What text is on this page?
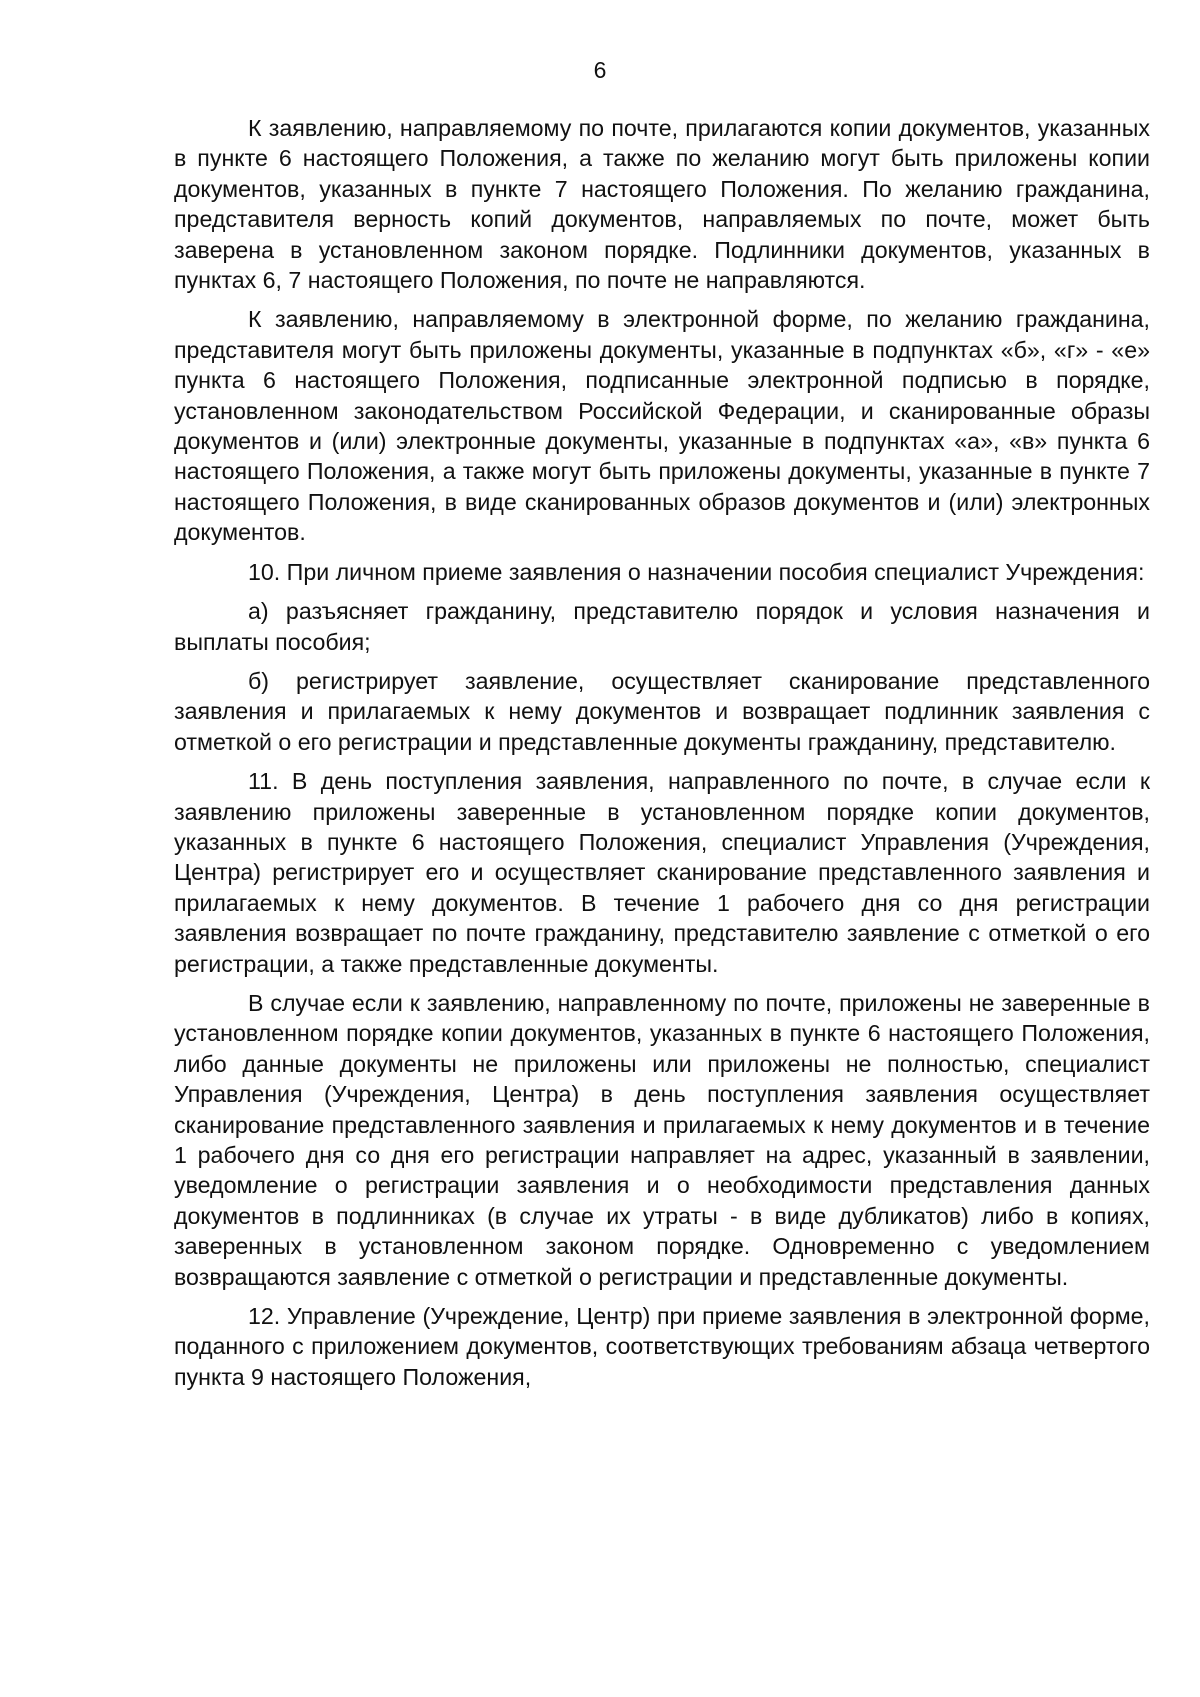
6

К заявлению, направляемому по почте, прилагаются копии документов, указанных в пункте 6 настоящего Положения, а также по желанию могут быть приложены копии документов, указанных в пункте 7 настоящего Положения. По желанию гражданина, представителя верность копий документов, направляемых по почте, может быть заверена в установленном законом порядке. Подлинники документов, указанных в пунктах 6, 7 настоящего Положения, по почте не направляются.

К заявлению, направляемому в электронной форме, по желанию гражданина, представителя могут быть приложены документы, указанные в подпунктах «б», «г» - «е» пункта 6 настоящего Положения, подписанные электронной подписью в порядке, установленном законодательством Российской Федерации, и сканированные образы документов и (или) электронные документы, указанные в подпунктах «а», «в» пункта 6 настоящего Положения, а также могут быть приложены документы, указанные в пункте 7 настоящего Положения, в виде сканированных образов документов и (или) электронных документов.

10. При личном приеме заявления о назначении пособия специалист Учреждения:

а) разъясняет гражданину, представителю порядок и условия назначения и выплаты пособия;

б) регистрирует заявление, осуществляет сканирование представленного заявления и прилагаемых к нему документов и возвращает подлинник заявления с отметкой о его регистрации и представленные документы гражданину, представителю.

11. В день поступления заявления, направленного по почте, в случае если к заявлению приложены заверенные в установленном порядке копии документов, указанных в пункте 6 настоящего Положения, специалист Управления (Учреждения, Центра) регистрирует его и осуществляет сканирование представленного заявления и прилагаемых к нему документов. В течение 1 рабочего дня со дня регистрации заявления возвращает по почте гражданину, представителю заявление с отметкой о его регистрации, а также представленные документы.

В случае если к заявлению, направленному по почте, приложены не заверенные в установленном порядке копии документов, указанных в пункте 6 настоящего Положения, либо данные документы не приложены или приложены не полностью, специалист Управления (Учреждения, Центра) в день поступления заявления осуществляет сканирование представленного заявления и прилагаемых к нему документов и в течение 1 рабочего дня со дня его регистрации направляет на адрес, указанный в заявлении, уведомление о регистрации заявления и о необходимости представления данных документов в подлинниках (в случае их утраты - в виде дубликатов) либо в копиях, заверенных в установленном законом порядке. Одновременно с уведомлением возвращаются заявление с отметкой о регистрации и представленные документы.

12. Управление (Учреждение, Центр) при приеме заявления в электронной форме, поданного с приложением документов, соответствующих требованиям абзаца четвертого пункта 9 настоящего Положения,
